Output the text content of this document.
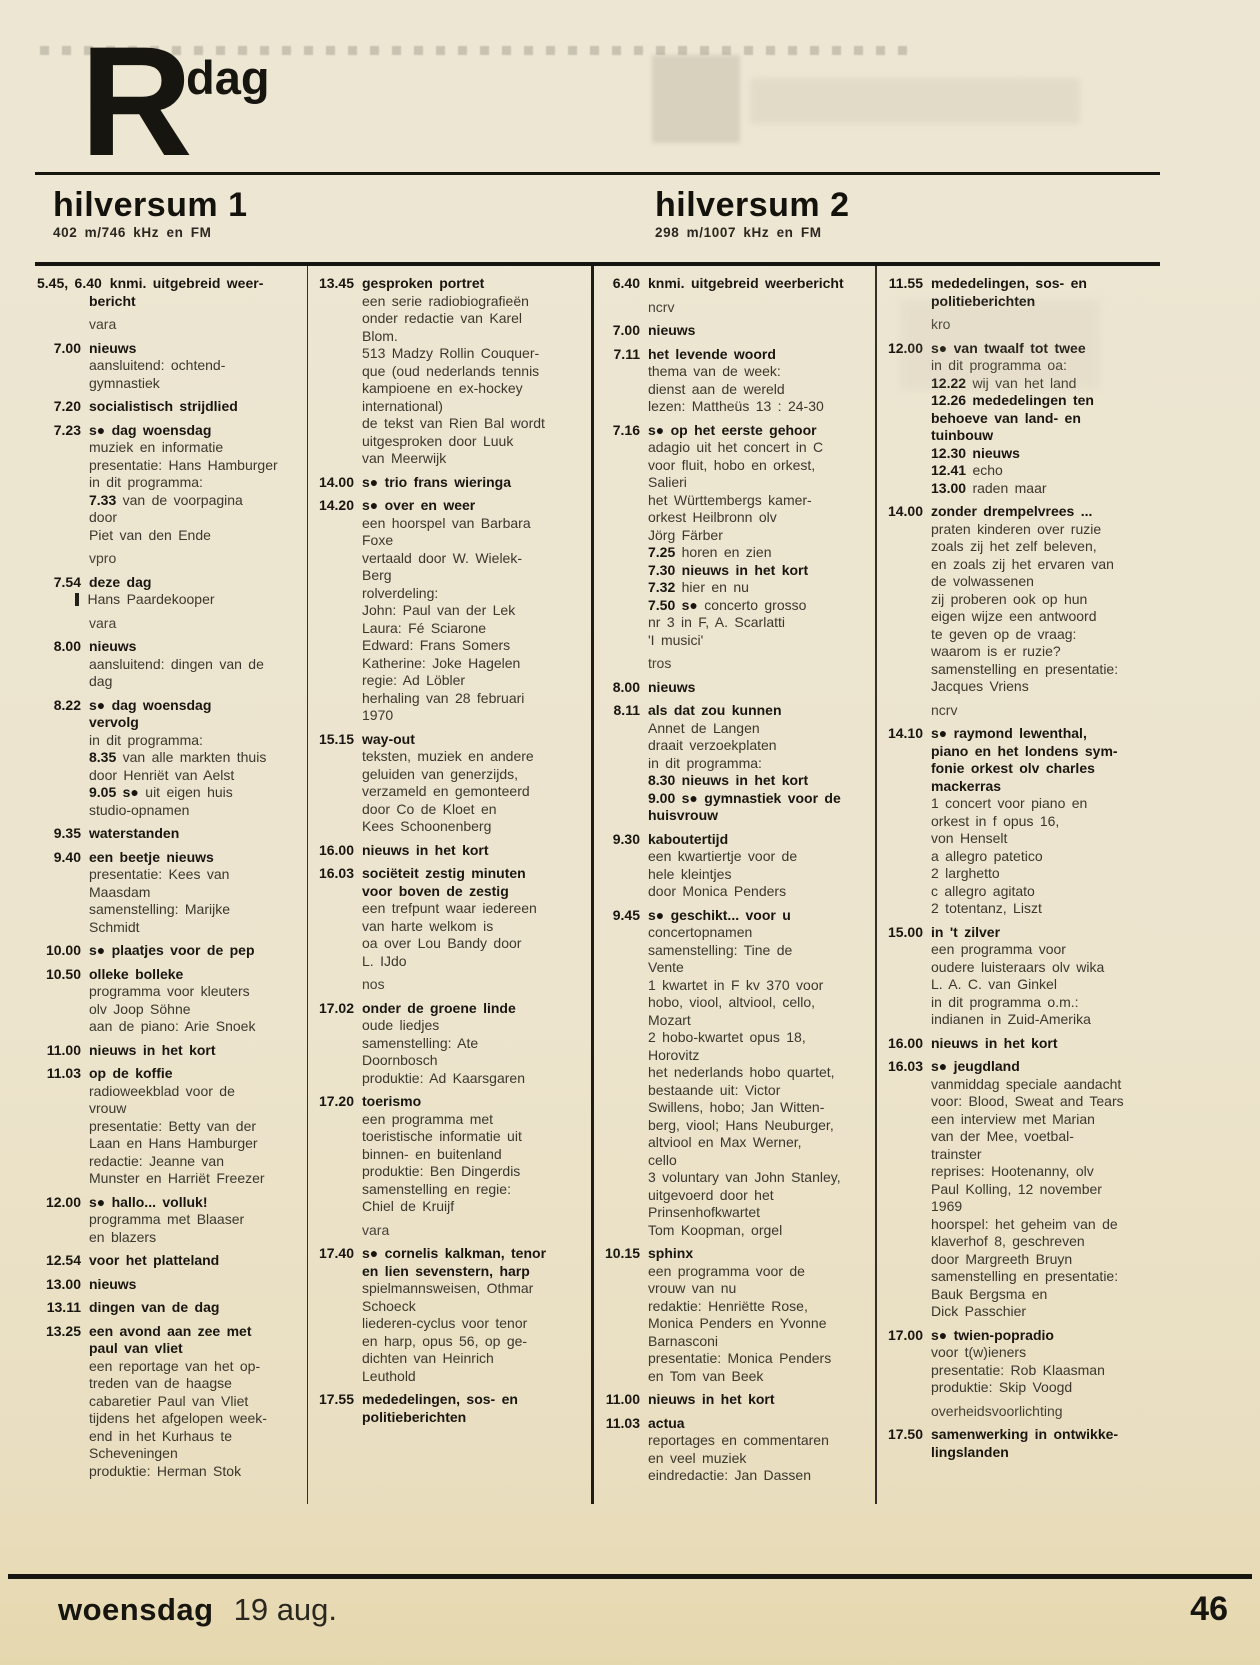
R dag
hilversum 1
402 m/746 kHz en FM
hilversum 2
298 m/1007 kHz en FM
5.45, 6.40 knmi. uitgebreid weer-
bericht
vara
7.00 nieuws
aansluitend: ochtend-
gymnastiek
7.20 socialistisch strijdlied
7.23 s● dag woensdag
muziek en informatie
presentatie: Hans Hamburger
in dit programma:
7.33 van de voorpagina
door
Piet van den Ende
vpro
7.54 deze dag
Hans Paardekooper
vara
8.00 nieuws
aansluitend: dingen van de
dag
8.22 s● dag woensdag
vervolg
in dit programma:
8.35 van alle markten thuis
door Henriët van Aelst
9.05 s● uit eigen huis
studio-opnamen
9.35 waterstanden
9.40 een beetje nieuws
presentatie: Kees van
Maasdam
samenstelling: Marijke
Schmidt
10.00 s● plaatjes voor de pep
10.50 olleke bolleke
programma voor kleuters
olv Joop Söhne
aan de piano: Arie Snoek
11.00 nieuws in het kort
11.03 op de koffie
radioweekblad voor de
vrouw
presentatie: Betty van der
Laan en Hans Hamburger
redactie: Jeanne van
Munster en Harriët Freezer
12.00 s● hallo... volluk!
programma met Blaaser
en blazers
12.54 voor het platteland
13.00 nieuws
13.11 dingen van de dag
13.25 een avond aan zee met
paul van vliet
een reportage van het op-
treden van de haagse
cabaretier Paul van Vliet
tijdens het afgelopen week-
end in het Kurhaus te
Scheveningen
produktie: Herman Stok
13.45 gesproken portret
een serie radiobiografieën
onder redactie van Karel
Blom.
513 Madzy Rollin Couquer-
que (oud nederlands tennis
kampioene en ex-hockey
international)
de tekst van Rien Bal wordt
uitgesproken door Luuk
van Meerwijk
14.00 s● trio frans wieringa
14.20 s● over en weer
een hoorspel van Barbara
Foxe
vertaald door W. Wielek-
Berg
rolverdeling:
John: Paul van der Lek
Laura: Fé Sciarone
Edward: Frans Somers
Katherine: Joke Hagelen
regie: Ad Löbler
herhaling van 28 februari
1970
15.15 way-out
teksten, muziek en andere
geluiden van generzijds,
verzameld en gemonteerd
door Co de Kloet en
Kees Schoonenberg
16.00 nieuws in het kort
16.03 sociëteit zestig minuten
voor boven de zestig
een trefpunt waar iedereen
van harte welkom is
oa over Lou Bandy door
L. IJdo
nos
17.02 onder de groene linde
oude liedjes
samenstelling: Ate
Doornbosch
produktie: Ad Kaarsgaren
17.20 toerismo
een programma met
toeristische informatie uit
binnen- en buitenland
produktie: Ben Dingerdis
samenstelling en regie:
Chiel de Kruijf
vara
17.40 s● cornelis kalkman, tenor
en lien sevenstern, harp
spielmannsweisen, Othmar
Schoeck
liederen-cyclus voor tenor
en harp, opus 56, op ge-
dichten van Heinrich
Leuthold
17.55 mededelingen, sos- en
politieberichten
6.40 knmi. uitgebreid weerbericht
ncrv
7.00 nieuws
7.11 het levende woord
thema van de week:
dienst aan de wereld
lezen: Mattheüs 13 : 24-30
7.16 s● op het eerste gehoor
adagio uit het concert in C
voor fluit, hobo en orkest,
Salieri
het Württembergs kamer-
orkest Heilbronn olv
Jörg Färber
7.25 horen en zien
7.30 nieuws in het kort
7.32 hier en nu
7.50 s● concerto grosso
nr 3 in F, A. Scarlatti
'I musici'
tros
8.00 nieuws
8.11 als dat zou kunnen
Annet de Langen
draait verzoekplaten
in dit programma:
8.30 nieuws in het kort
9.00 s● gymnastiek voor de
huisvrouw
9.30 kaboutertijd
een kwartiertje voor de
hele kleintjes
door Monica Penders
9.45 s● geschikt... voor u
concertopnamen
samenstelling: Tine de
Vente
1 kwartet in F kv 370 voor
hobo, viool, altviool, cello,
Mozart
2 hobo-kwartet opus 18,
Horovitz
het nederlands hobo quartet,
bestaande uit: Victor
Swillens, hobo; Jan Witten-
berg, viool; Hans Neuburger,
altviool en Max Werner,
cello
3 voluntary van John Stanley,
uitgevoerd door het
Prinsenhofkwartet
Tom Koopman, orgel
10.15 sphinx
een programma voor de
vrouw van nu
redaktie: Henriëtte Rose,
Monica Penders en Yvonne
Barnasconi
presentatie: Monica Penders
en Tom van Beek
11.00 nieuws in het kort
11.03 actua
reportages en commentaren
en veel muziek
eindredactie: Jan Dassen
11.55 mededelingen, sos- en
politieberichten
kro
12.00 s● van twaalf tot twee
in dit programma oa:
12.22 wij van het land
12.26 mededelingen ten
behoeve van land- en
tuinbouw
12.30 nieuws
12.41 echo
13.00 raden maar
14.00 zonder drempelvrees ...
praten kinderen over ruzie
zoals zij het zelf beleven,
en zoals zij het ervaren van
de volwassenen
zij proberen ook op hun
eigen wijze een antwoord
te geven op de vraag:
waarom is er ruzie?
samenstelling en presentatie:
Jacques Vriens
ncrv
14.10 s● raymond lewenthal,
piano en het londens sym-
fonie orkest olv charles
mackerras
1 concert voor piano en
orkest in f opus 16,
von Henselt
a allegro patetico
2 larghetto
c allegro agitato
2 totentanz, Liszt
15.00 in 't zilver
een programma voor
oudere luisteraars olv wika
L. A. C. van Ginkel
in dit programma o.m.:
indianen in Zuid-Amerika
16.00 nieuws in het kort
16.03 s● jeugdland
vanmiddag speciale aandacht
voor: Blood, Sweat and Tears
een interview met Marian
van der Mee, voetbal-
trainster
reprises: Hootenanny, olv
Paul Kolling, 12 november
1969
hoorspel: het geheim van de
klaverhof 8, geschreven
door Margreeth Bruyn
samenstelling en presentatie:
Bauk Bergsma en
Dick Passchier
17.00 s● twien-popradio
voor t(w)ieners
presentatie: Rob Klaasman
produktie: Skip Voogd
overheidsvoorlichting
17.50 samenwerking in ontwikke-
lingslanden
woensdag 19 aug.	46
